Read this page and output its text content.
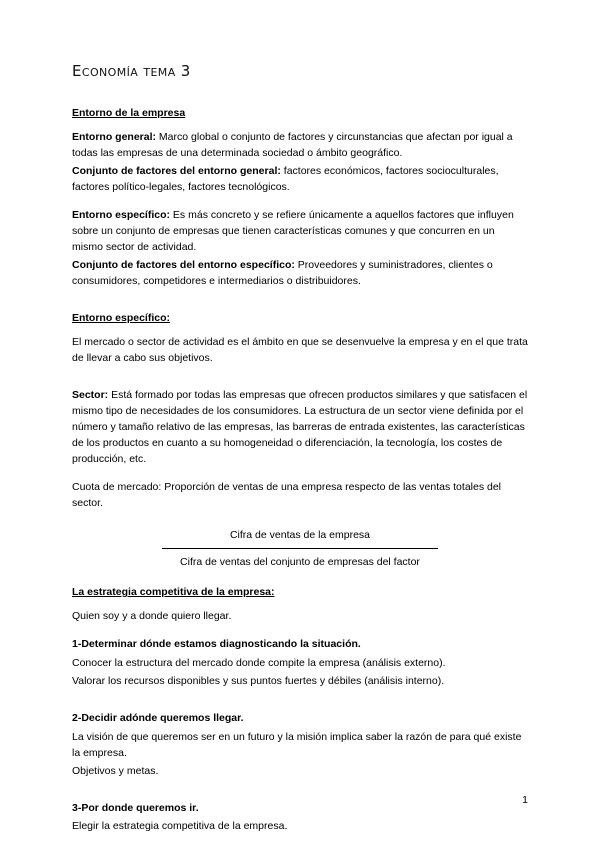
Economía tema 3
Entorno de la empresa

Entorno general: Marco global o conjunto de factores y circunstancias que afectan por igual a todas las empresas de una determinada sociedad o ámbito geográfico.

Conjunto de factores del entorno general: factores económicos, factores socioculturales, factores político-legales, factores tecnológicos.

Entorno específico: Es más concreto y se refiere únicamente a aquellos factores que influyen sobre un conjunto de empresas que tienen características comunes y que concurren en un mismo sector de actividad.

Conjunto de factores del entorno específico: Proveedores y suministradores, clientes o consumidores, competidores e intermediarios o distribuidores.

Entorno específico:

El mercado o sector de actividad es el ámbito en que se desenvuelve la empresa y en el que trata de llevar a cabo sus objetivos.

Sector: Está formado por todas las empresas que ofrecen productos similares y que satisfacen el mismo tipo de necesidades de los consumidores. La estructura de un sector viene definida por el número y tamaño relativo de las empresas, las barreras de entrada existentes, las características de los productos en cuanto a su homogeneidad o diferenciación, la tecnología, los costes de producción, etc.

Cuota de mercado: Proporción de ventas de una empresa respecto de las ventas totales del sector.

Cifra de ventas de la empresa
Cifra de ventas del conjunto de empresas del factor
La estrategia competitiva de la empresa:

Quien soy y a donde quiero llegar.

1-Determinar dónde estamos diagnosticando la situación.

Conocer la estructura del mercado donde compite la empresa (análisis externo).

Valorar los recursos disponibles y sus puntos fuertes y débiles (análisis interno).

2-Decidir adónde queremos llegar.

La visión de que queremos ser en un futuro y la misión implica saber la razón de para qué existe la empresa.

Objetivos y metas.

3-Por donde queremos ir.

Elegir la estrategia competitiva de la empresa.

1
